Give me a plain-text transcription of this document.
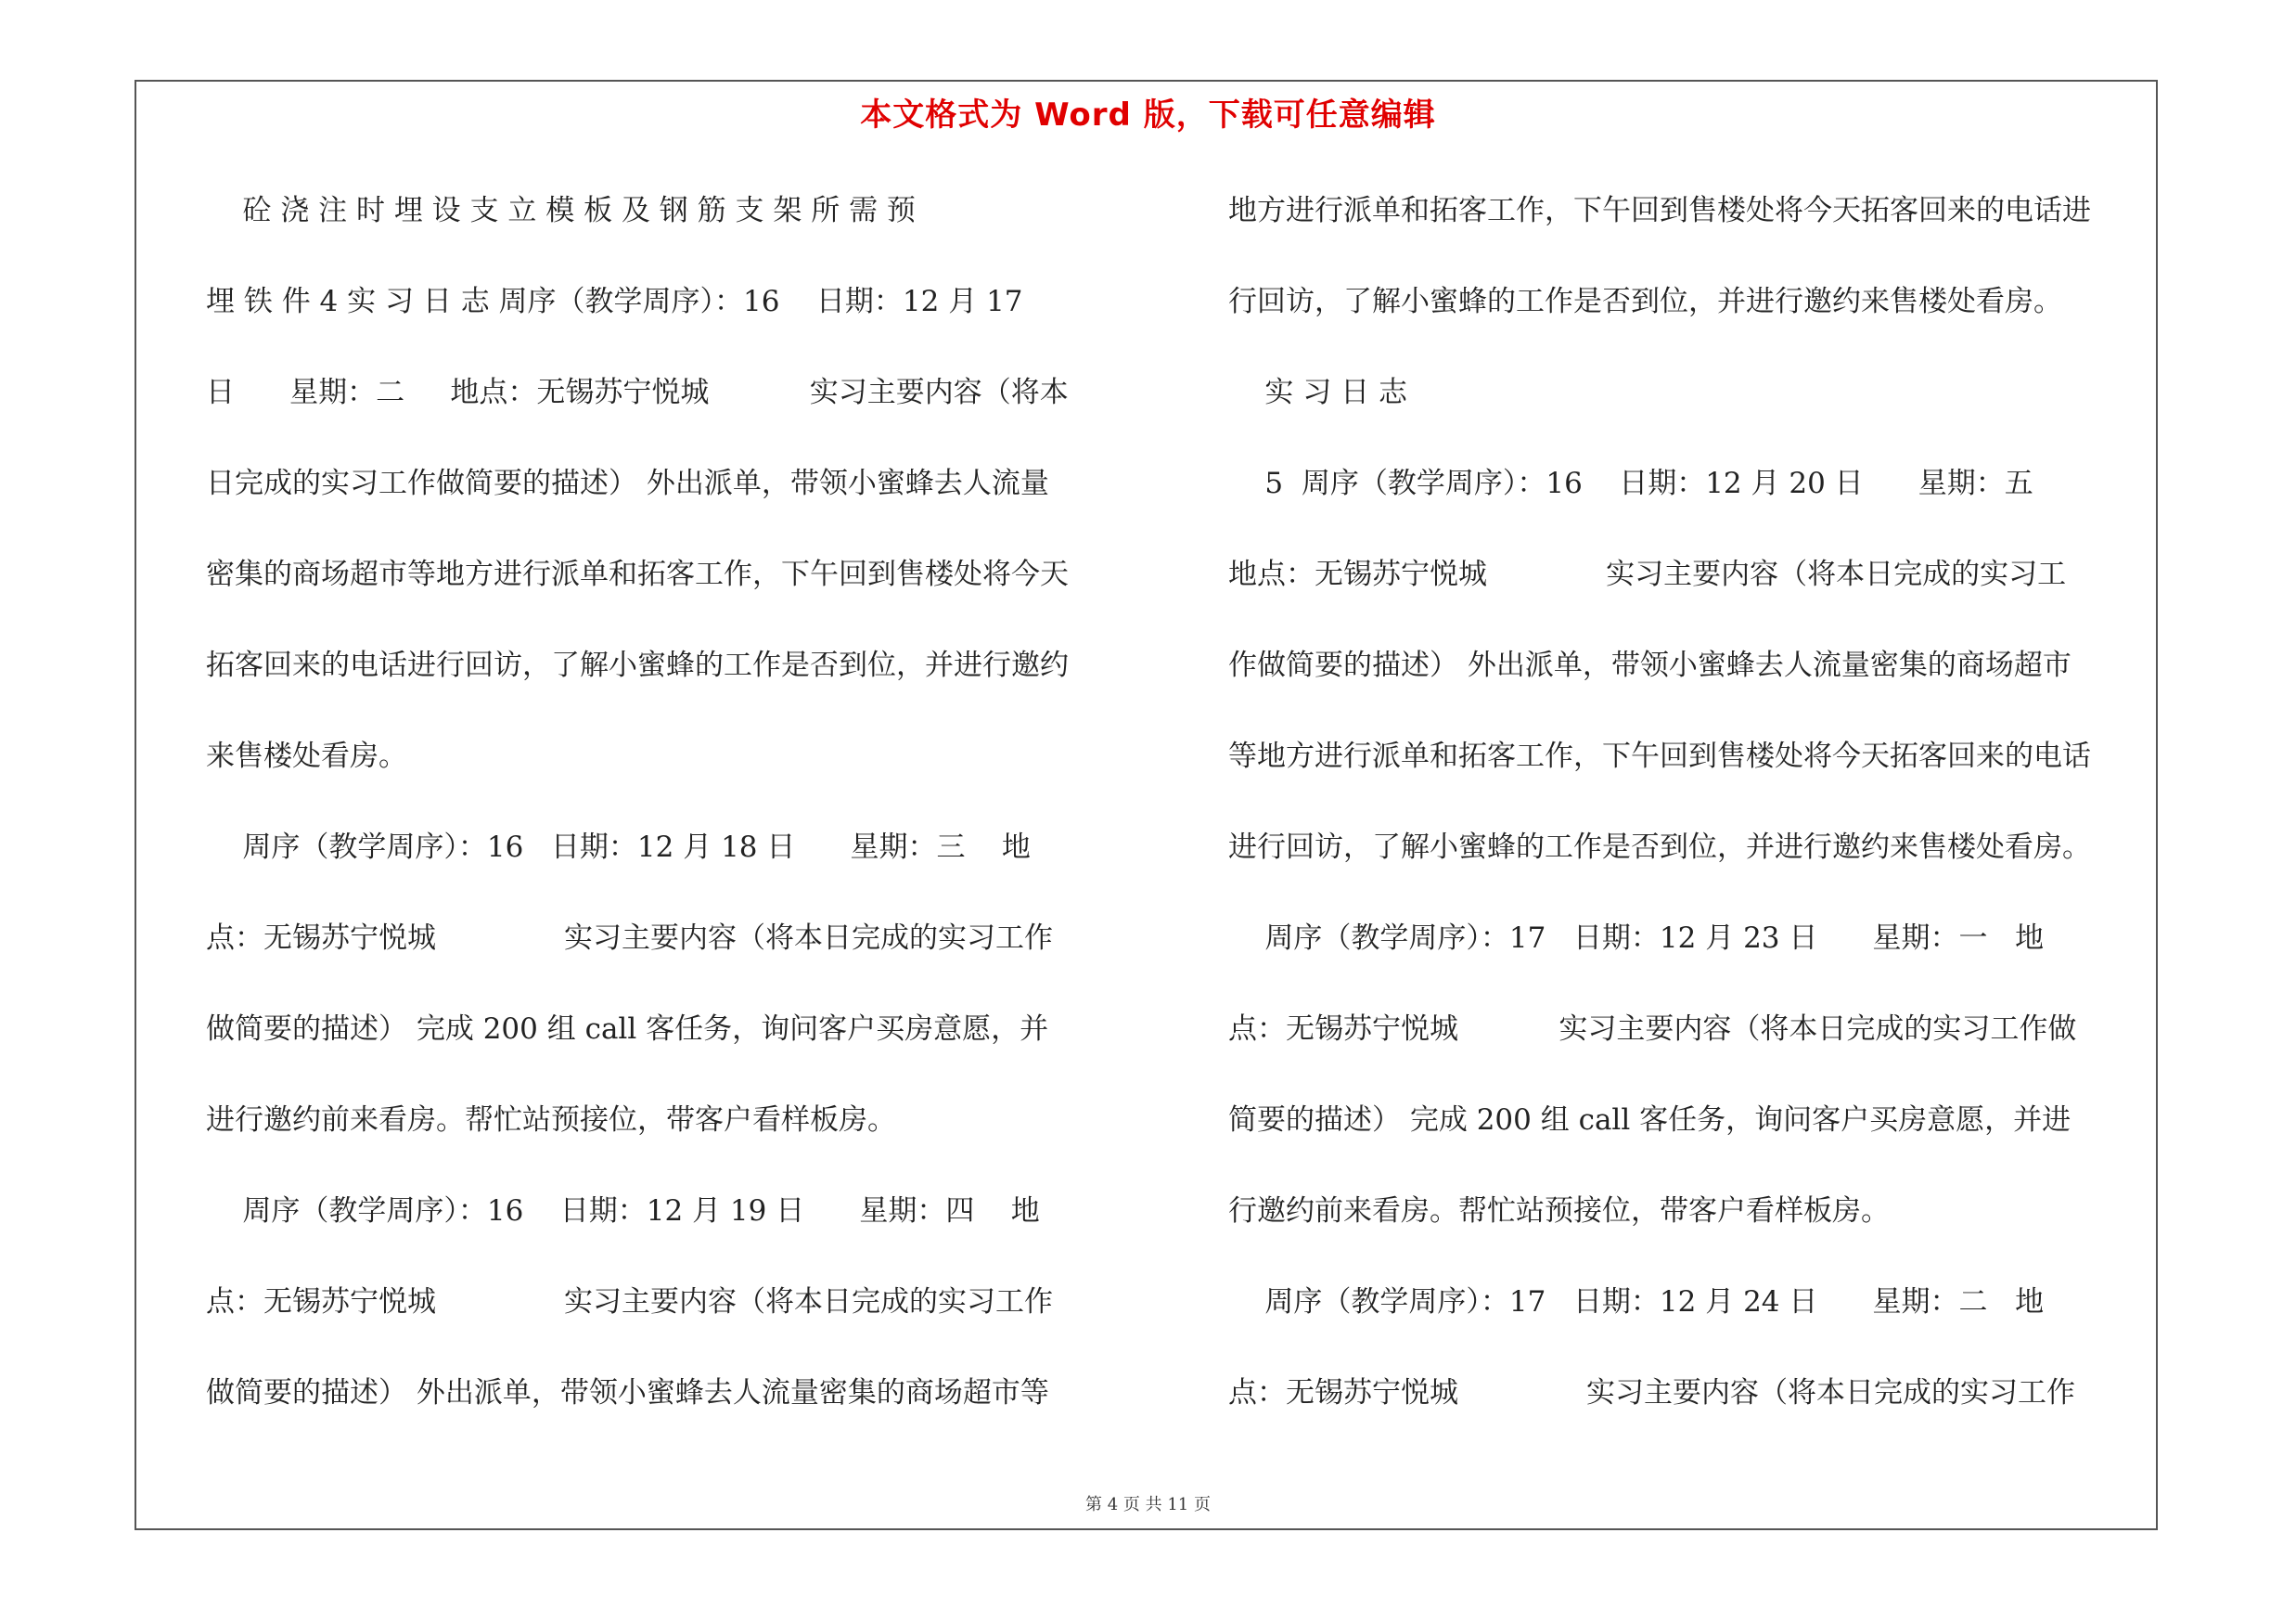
本文格式为 Word 版，下载可任意编辑
砼 浇 注 时 埋 设 支 立 模 板 及 钢 筋 支 架 所 需 预
埋 铁 件 4 实 习 日 志 周序（教学周序）：16    日期：12 月 17
日      星期：二     地点：无锡苏宁悦城           实习主要内容（将本
日完成的实习工作做简要的描述） 外出派单，带领小蜜蜂去人流量
密集的商场超市等地方进行派单和拓客工作，下午回到售楼处将今天
拓客回来的电话进行回访，了解小蜜蜂的工作是否到位，并进行邀约
来售楼处看房。
周序（教学周序）：16   日期：12 月 18 日      星期：三    地
点：无锡苏宁悦城              实习主要内容（将本日完成的实习工作
做简要的描述） 完成 200 组 call 客任务，询问客户买房意愿，并
进行邀约前来看房。帮忙站预接位，带客户看样板房。
周序（教学周序）：16    日期：12 月 19 日      星期：四    地
点：无锡苏宁悦城              实习主要内容（将本日完成的实习工作
做简要的描述） 外出派单，带领小蜜蜂去人流量密集的商场超市等
地方进行派单和拓客工作，下午回到售楼处将今天拓客回来的电话进
行回访，了解小蜜蜂的工作是否到位，并进行邀约来售楼处看房。
实 习 日 志
5  周序（教学周序）：16    日期：12 月 20 日      星期：五
地点：无锡苏宁悦城             实习主要内容（将本日完成的实习工
作做简要的描述） 外出派单，带领小蜜蜂去人流量密集的商场超市
等地方进行派单和拓客工作，下午回到售楼处将今天拓客回来的电话
进行回访，了解小蜜蜂的工作是否到位，并进行邀约来售楼处看房。
周序（教学周序）：17   日期：12 月 23 日      星期：一   地
点：无锡苏宁悦城           实习主要内容（将本日完成的实习工作做
简要的描述） 完成 200 组 call 客任务，询问客户买房意愿，并进
行邀约前来看房。帮忙站预接位，带客户看样板房。
周序（教学周序）：17   日期：12 月 24 日      星期：二   地
点：无锡苏宁悦城              实习主要内容（将本日完成的实习工作
第 4 页 共 11 页
